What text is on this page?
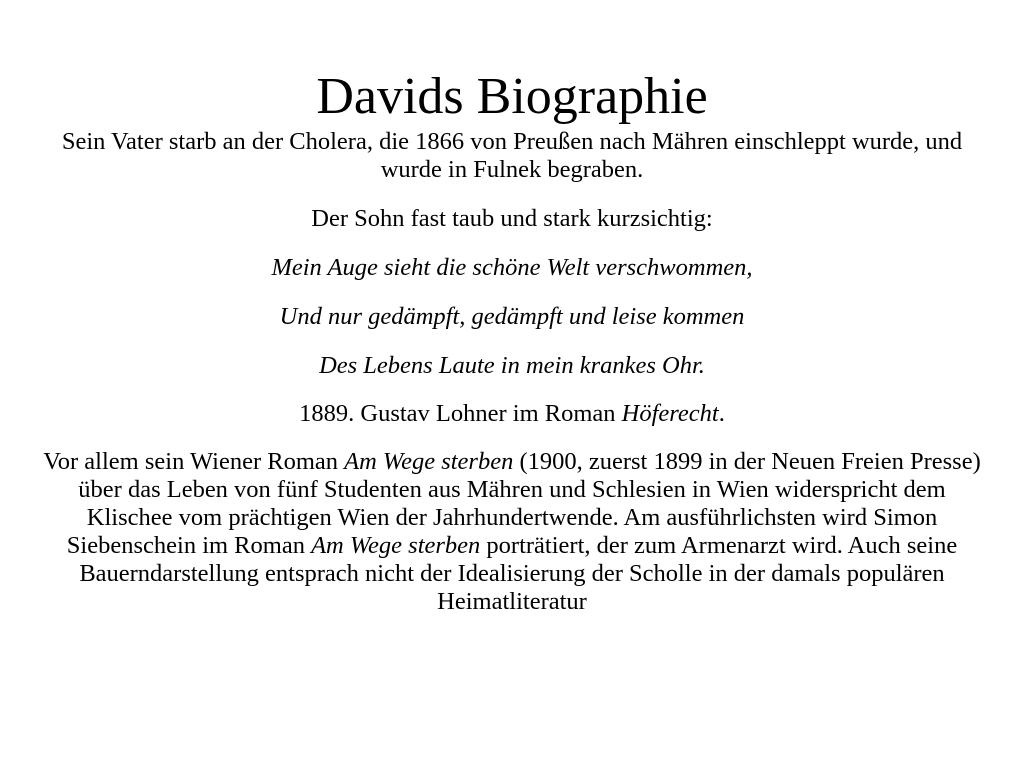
Davids Biographie

Sein Vater starb an der Cholera, die 1866 von Preußen nach Mähren einschleppt wurde, und wurde in Fulnek begraben.

Der Sohn fast taub und stark kurzsichtig:

Mein Auge sieht die schöne Welt verschwommen,

Und nur gedämpft, gedämpft und leise kommen

Des Lebens Laute in mein krankes Ohr.

1889. Gustav Lohner im Roman Höferecht.

Vor allem sein Wiener Roman Am Wege sterben (1900, zuerst 1899 in der Neuen Freien Presse) über das Leben von fünf Studenten aus Mähren und Schlesien in Wien widerspricht dem Klischee vom prächtigen Wien der Jahrhundertwende. Am ausführlichsten wird Simon Siebenschein im Roman Am Wege sterben porträtiert, der zum Armenarzt wird. Auch seine Bauerndarstellung entsprach nicht der Idealisierung der Scholle in der damals populären Heimatliteratur
